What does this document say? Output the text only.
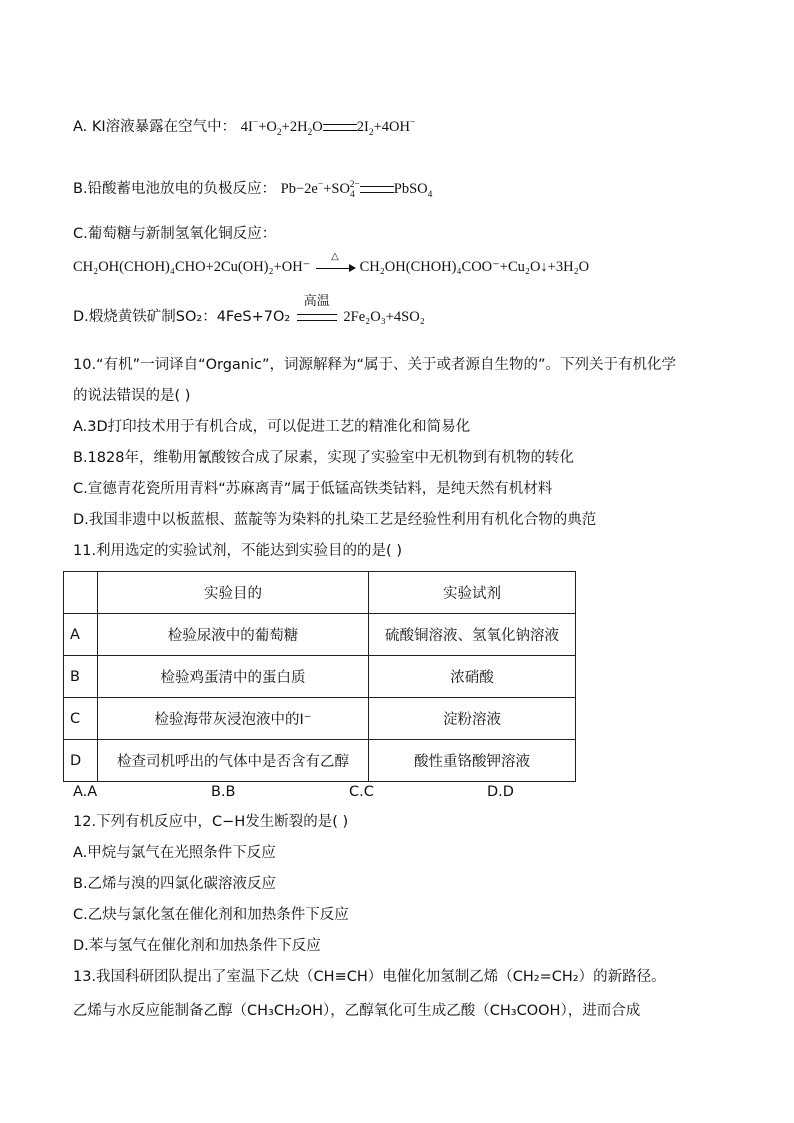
A. KI溶液暴露在空气中： $4I^-+O_2+2H_2O$ $2I_2+4OH^-$
B.铅酸蓄电池放电的负极反应： $Pb-2e^-+SO_4^{2-}$ PbSO$_4$
C.葡萄糖与新制氢氧化铜反应：
CH₂OH(CHOH)₄CHO+2Cu(OH)₂+OH⁻
△
CH₂OH(CHOH)₄COO⁻+Cu₂O↓+3H₂O
D.煅烧黄铁矿制SO₂：4FeS+7O₂
高温
2Fe₂O₃+4SO₂
10.“有机”一词译自“Organic”，词源解释为“属于、关于或者源自生物的”。下列关于有机化学
的说法错误的是( )
A.3D打印技术用于有机合成，可以促进工艺的精准化和简易化
B.1828年，维勒用氰酸铵合成了尿素，实现了实验室中无机物到有机物的转化
C.宣德青花瓷所用青料“苏麻离青”属于低锰高铁类钴料，是纯天然有机材料
D.我国非遗中以板蓝根、蓝靛等为染料的扎染工艺是经验性利用有机化合物的典范
11.利用选定的实验试剂，不能达到实验目的的是( )
	实验目的	实验试剂
A	检验尿液中的葡萄糖	硫酸铜溶液、氢氧化钠溶液
B	检验鸡蛋清中的蛋白质	浓硝酸
C	检验海带灰浸泡液中的I⁻	淀粉溶液
D	检查司机呼出的气体中是否含有乙醇	酸性重铬酸钾溶液
A.A	B.B	C.C	D.D
12.下列有机反应中，C−H发生断裂的是( )
A.甲烷与氯气在光照条件下反应
B.乙烯与溴的四氯化碳溶液反应
C.乙炔与氯化氢在催化剂和加热条件下反应
D.苯与氢气在催化剂和加热条件下反应
13.我国科研团队提出了室温下乙炔（CH≡CH）电催化加氢制乙烯（CH₂=CH₂）的新路径。
乙烯与水反应能制备乙醇（CH₃CH₂OH），乙醇氧化可生成乙酸（CH₃COOH），进而合成
